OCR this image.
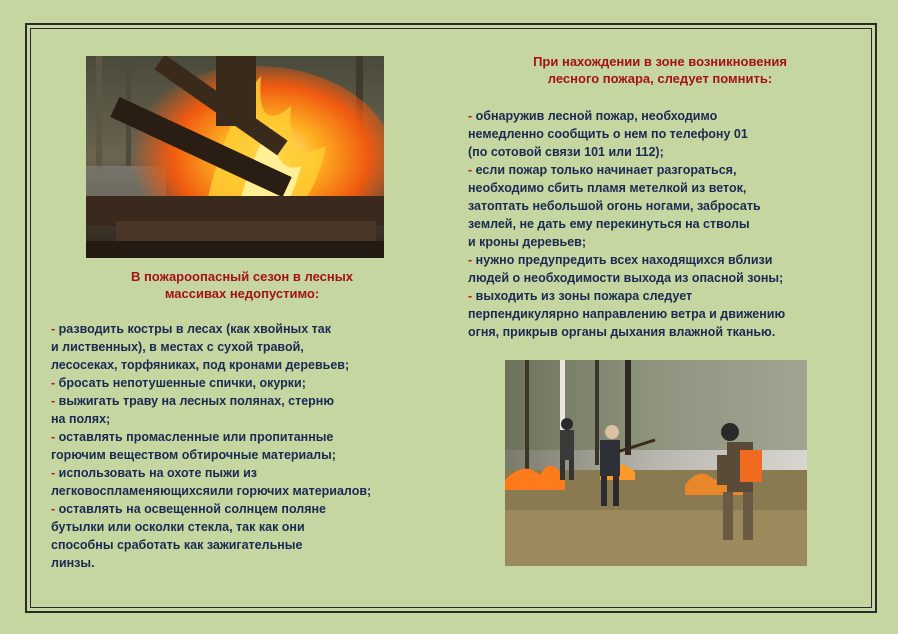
В пожароопасный сезон в лесных
массивах недопустимо:
При нахождении в зоне возникновения
лесного пожара, следует помнить:
- разводить костры в лесах (как хвойных так
и лиственных), в местах с сухой травой,
лесосеках, торфяниках, под кронами деревьев;
- бросать непотушенные спички, окурки;
- выжигать траву на лесных полянах, стерню
на полях;
- оставлять промасленные или пропитанные
горючим веществом обтирочные материалы;
- использовать на охоте пыжи из
легковоспламеняющихсяили горючих материалов;
- оставлять на освещенной солнцем поляне
бутылки или осколки стекла, так как они
способны сработать как зажигательные
линзы.
- обнаружив лесной пожар, необходимо
немедленно сообщить о нем по телефону 01
(по сотовой связи 101 или 112);
- если пожар только начинает разгораться,
необходимо сбить пламя метелкой из веток,
затоптать небольшой огонь ногами, забросать
землей, не дать ему перекинуться на стволы
и кроны деревьев;
- нужно предупредить всех находящихся вблизи
людей о необходимости выхода из опасной зоны;
- выходить из зоны пожара следует
перпендикулярно направлению ветра и движению
огня, прикрыв органы дыхания влажной тканью.
